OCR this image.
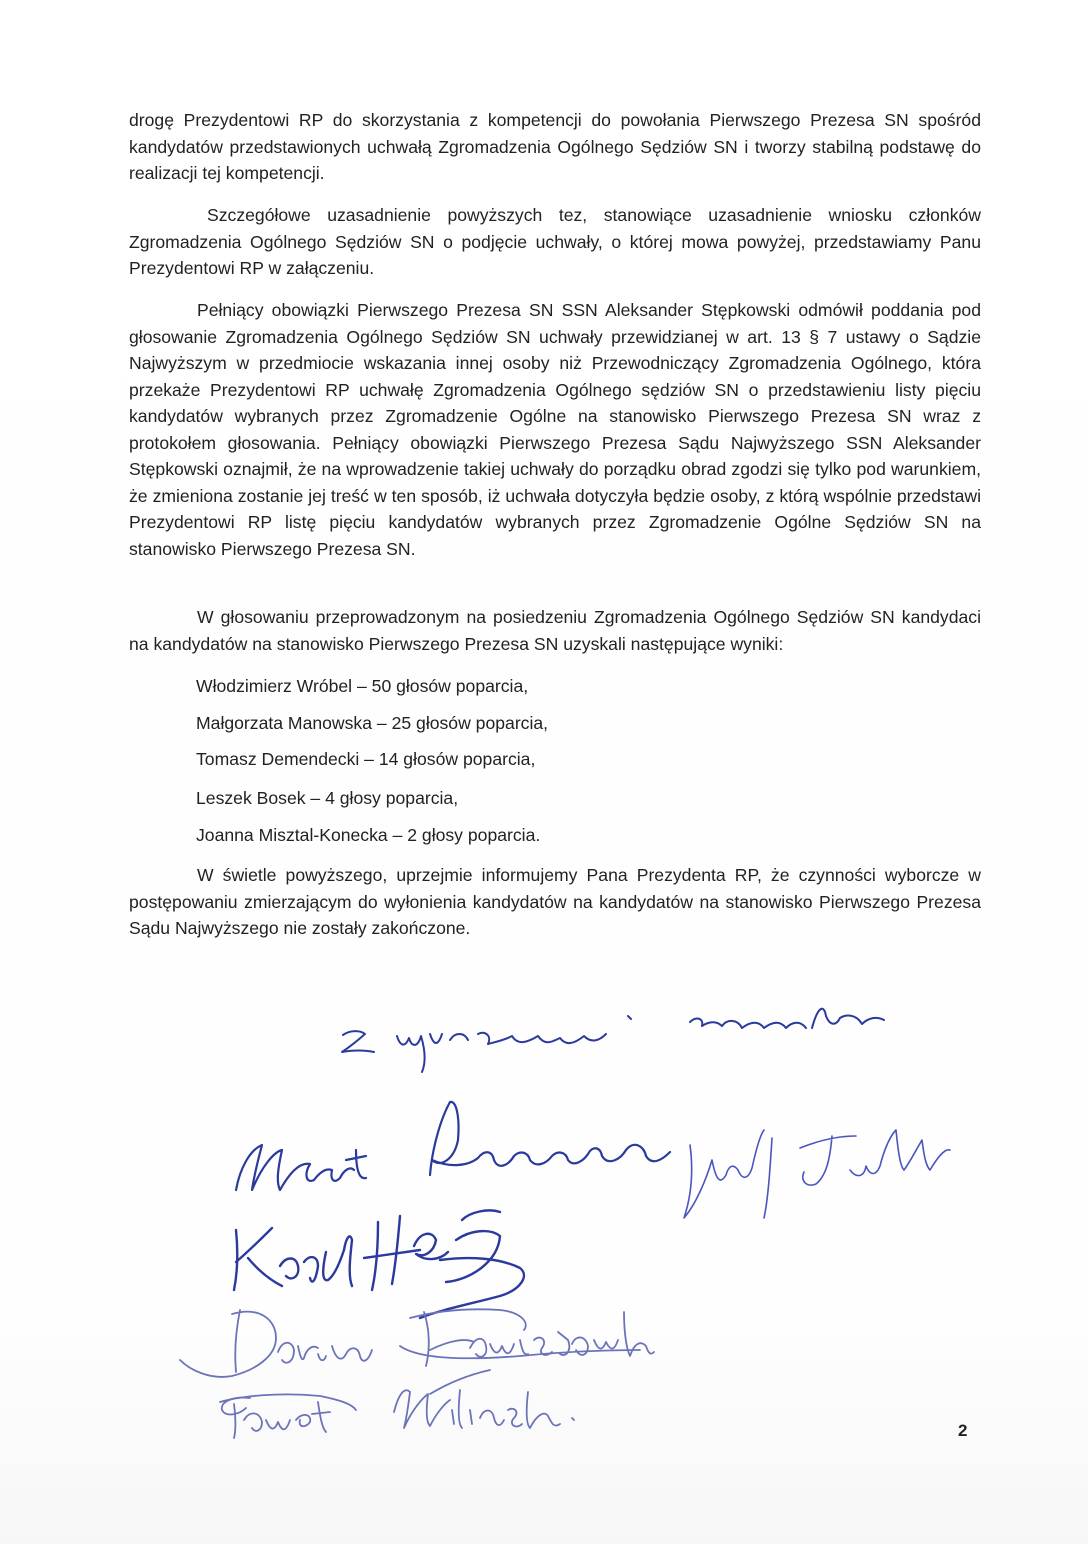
drogę Prezydentowi RP do skorzystania z kompetencji do powołania Pierwszego Prezesa SN spośród kandydatów przedstawionych uchwałą Zgromadzenia Ogólnego Sędziów SN i tworzy stabilną podstawę do realizacji tej kompetencji.

Szczegółowe uzasadnienie powyższych tez, stanowiące uzasadnienie wniosku członków Zgromadzenia Ogólnego Sędziów SN o podjęcie uchwały, o której mowa powyżej, przedstawiamy Panu Prezydentowi RP w załączeniu.

Pełniący obowiązki Pierwszego Prezesa SN SSN Aleksander Stępkowski odmówił poddania pod głosowanie Zgromadzenia Ogólnego Sędziów SN uchwały przewidzianej w art. 13 § 7 ustawy o Sądzie Najwyższym w przedmiocie wskazania innej osoby niż Przewodniczący Zgromadzenia Ogólnego, która przekaże Prezydentowi RP uchwałę Zgromadzenia Ogólnego sędziów SN o przedstawieniu listy pięciu kandydatów wybranych przez Zgromadzenie Ogólne na stanowisko Pierwszego Prezesa SN wraz z protokołem głosowania. Pełniący obowiązki Pierwszego Prezesa Sądu Najwyższego SSN Aleksander Stępkowski oznajmił, że na wprowadzenie takiej uchwały do porządku obrad zgodzi się tylko pod warunkiem, że zmieniona zostanie jej treść w ten sposób, iż uchwała dotyczyła będzie osoby, z którą wspólnie przedstawi Prezydentowi RP listę pięciu kandydatów wybranych przez Zgromadzenie Ogólne Sędziów SN na stanowisko Pierwszego Prezesa SN.

W głosowaniu przeprowadzonym na posiedzeniu Zgromadzenia Ogólnego Sędziów SN kandydaci na kandydatów na stanowisko Pierwszego Prezesa SN uzyskali następujące wyniki:

Włodzimierz Wróbel – 50 głosów poparcia,

Małgorzata Manowska – 25 głosów poparcia,

Tomasz Demendecki – 14 głosów poparcia,

Leszek Bosek – 4 głosy poparcia,

Joanna Misztal-Konecka – 2 głosy poparcia.

W świetle powyższego, uprzejmie informujemy Pana Prezydenta RP, że czynności wyborcze w postępowaniu zmierzającym do wyłonienia kandydatów na kandydatów na stanowisko Pierwszego Prezesa Sądu Najwyższego nie zostały zakończone.

2
